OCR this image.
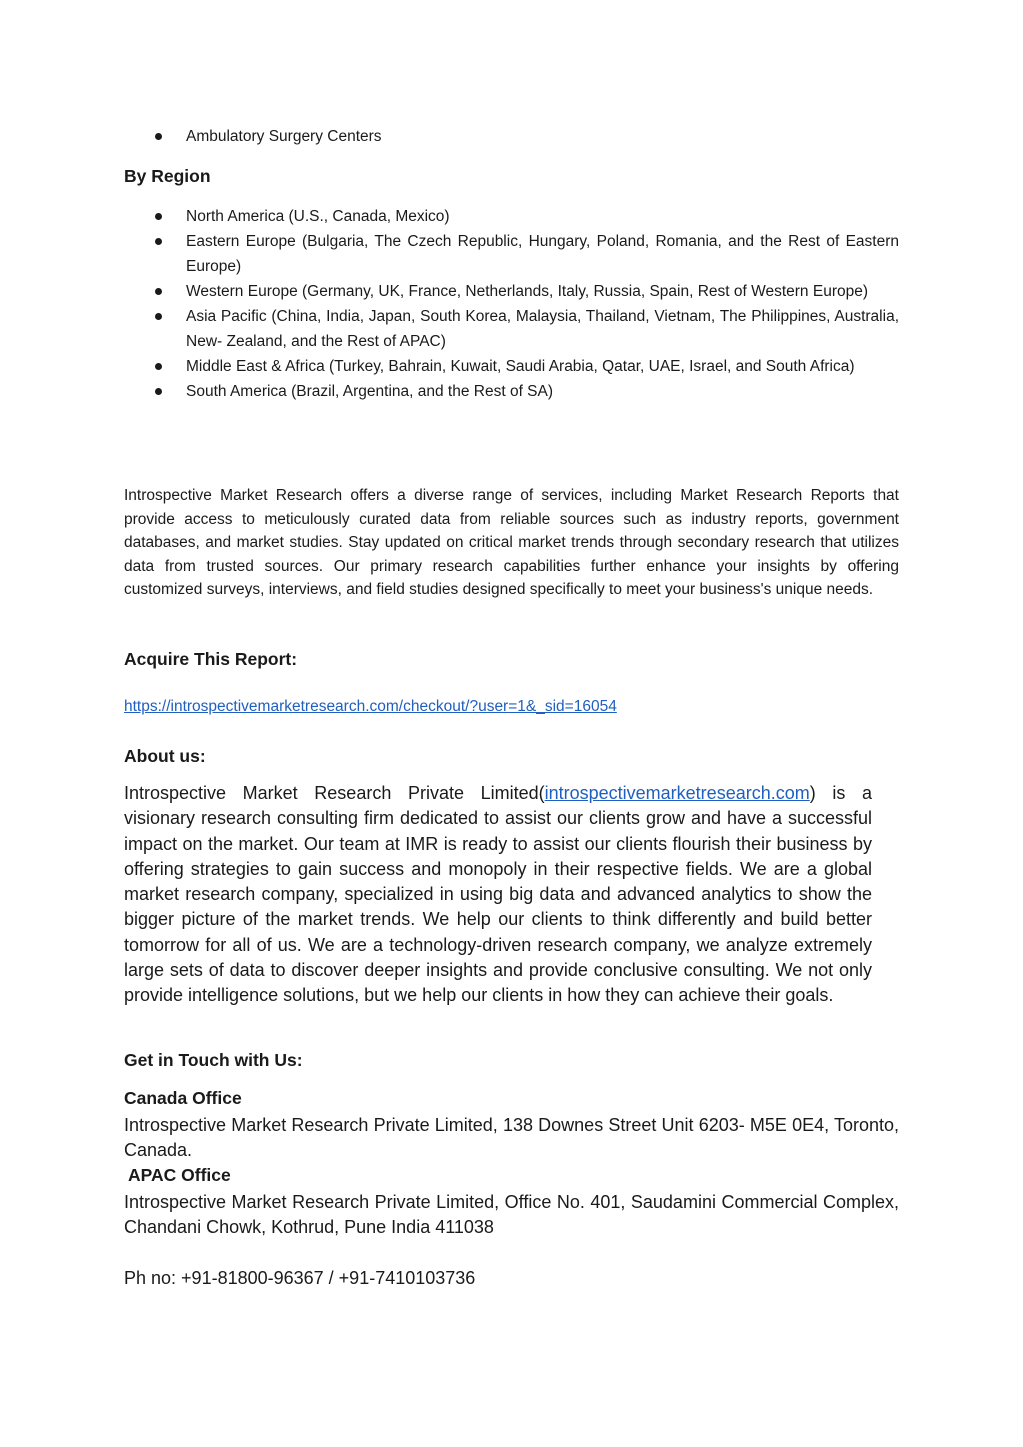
Ambulatory Surgery Centers

By Region

North America (U.S., Canada, Mexico)
Eastern Europe (Bulgaria, The Czech Republic, Hungary, Poland, Romania, and the Rest of Eastern Europe)
Western Europe (Germany, UK, France, Netherlands, Italy, Russia, Spain, Rest of Western Europe)
Asia Pacific (China, India, Japan, South Korea, Malaysia, Thailand, Vietnam, The Philippines, Australia, New- Zealand, and the Rest of APAC)
Middle East & Africa (Turkey, Bahrain, Kuwait, Saudi Arabia, Qatar, UAE, Israel, and South Africa)
South America (Brazil, Argentina, and the Rest of SA)

Introspective Market Research offers a diverse range of services, including Market Research Reports that provide access to meticulously curated data from reliable sources such as industry reports, government databases, and market studies. Stay updated on critical market trends through secondary research that utilizes data from trusted sources. Our primary research capabilities further enhance your insights by offering customized surveys, interviews, and field studies designed specifically to meet your business's unique needs.

Acquire This Report:

https://introspectivemarketresearch.com/checkout/?user=1&_sid=16054

About us:

Introspective Market Research Private Limited(introspectivemarketresearch.com) is a visionary research consulting firm dedicated to assist our clients grow and have a successful impact on the market. Our team at IMR is ready to assist our clients flourish their business by offering strategies to gain success and monopoly in their respective fields. We are a global market research company, specialized in using big data and advanced analytics to show the bigger picture of the market trends. We help our clients to think differently and build better tomorrow for all of us. We are a technology-driven research company, we analyze extremely large sets of data to discover deeper insights and provide conclusive consulting. We not only provide intelligence solutions, but we help our clients in how they can achieve their goals.

Get in Touch with Us:

Canada Office

Introspective Market Research Private Limited, 138 Downes Street Unit 6203- M5E 0E4, Toronto, Canada.

APAC Office

Introspective Market Research Private Limited, Office No. 401, Saudamini Commercial Complex, Chandani Chowk, Kothrud, Pune India 411038

Ph no: +91-81800-96367 / +91-7410103736
